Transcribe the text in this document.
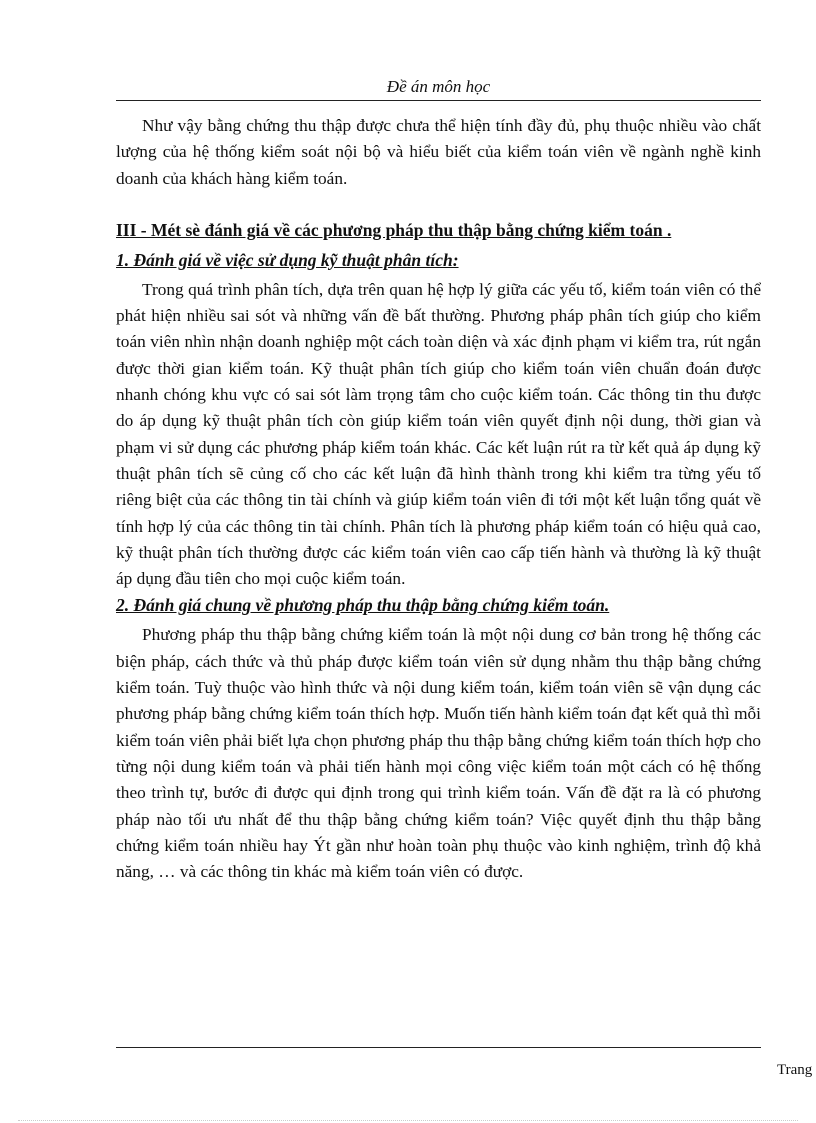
Đề án môn học

Như vậy bằng chứng thu thập được chưa thể hiện tính đầy đủ, phụ thuộc nhiều vào chất lượng của hệ thống kiểm soát nội bộ và hiểu biết của kiểm toán viên về ngành nghề kinh doanh của khách hàng kiểm toán.

III - Mét sè đánh giá về các phương pháp thu thập bằng chứng kiểm toán .

1. Đánh giá về việc sử dụng kỹ thuật phân tích:

Trong quá trình phân tích, dựa trên quan hệ hợp lý giữa các yếu tố, kiểm toán viên có thể phát hiện nhiều sai sót và những vấn đề bất thường. Phương pháp phân tích giúp cho kiểm toán viên nhìn nhận doanh nghiệp một cách toàn diện và xác định phạm vi kiểm tra, rút ngắn được thời gian kiểm toán. Kỹ thuật phân tích giúp cho kiểm toán viên chuẩn đoán được nhanh chóng khu vực có sai sót làm trọng tâm cho cuộc kiểm toán. Các thông tin thu được do áp dụng kỹ thuật phân tích còn giúp kiểm toán viên quyết định nội dung, thời gian và phạm vi sử dụng các phương pháp kiểm toán khác. Các kết luận rút ra từ kết quả áp dụng kỹ thuật phân tích sẽ củng cố cho các kết luận đã hình thành trong khi kiểm tra từng yếu tố riêng biệt của các thông tin tài chính và giúp kiểm toán viên đi tới một kết luận tổng quát về tính hợp lý của các thông tin tài chính. Phân tích là phương pháp kiểm toán có hiệu quả cao, kỹ thuật phân tích thường được các kiểm toán viên cao cấp tiến hành và thường là kỹ thuật áp dụng đầu tiên cho mọi cuộc kiểm toán.

2. Đánh giá chung về phương pháp thu thập bằng chứng kiểm toán.

Phương pháp thu thập bằng chứng kiểm toán là một nội dung cơ bản trong hệ thống các biện pháp, cách thức và thủ pháp được kiểm toán viên sử dụng nhằm thu thập bằng chứng kiểm toán. Tuỳ thuộc vào hình thức và nội dung kiểm toán, kiểm toán viên sẽ vận dụng các phương pháp bằng chứng kiểm toán thích hợp. Muốn tiến hành kiểm toán đạt kết quả thì mỗi kiểm toán viên phải biết lựa chọn phương pháp thu thập bằng chứng kiểm toán thích hợp cho từng nội dung kiểm toán và phải tiến hành mọi công việc kiểm toán một cách có hệ thống theo trình tự, bước đi được qui định trong qui trình kiểm toán. Vấn đề đặt ra là có phương pháp nào tối ưu nhất để thu thập bằng chứng kiểm toán? Việc quyết định thu thập bằng chứng kiểm toán nhiều hay Ýt gần như hoàn toàn phụ thuộc vào kinh nghiệm, trình độ khả năng, … và các thông tin khác mà kiểm toán viên có được.

Trang
